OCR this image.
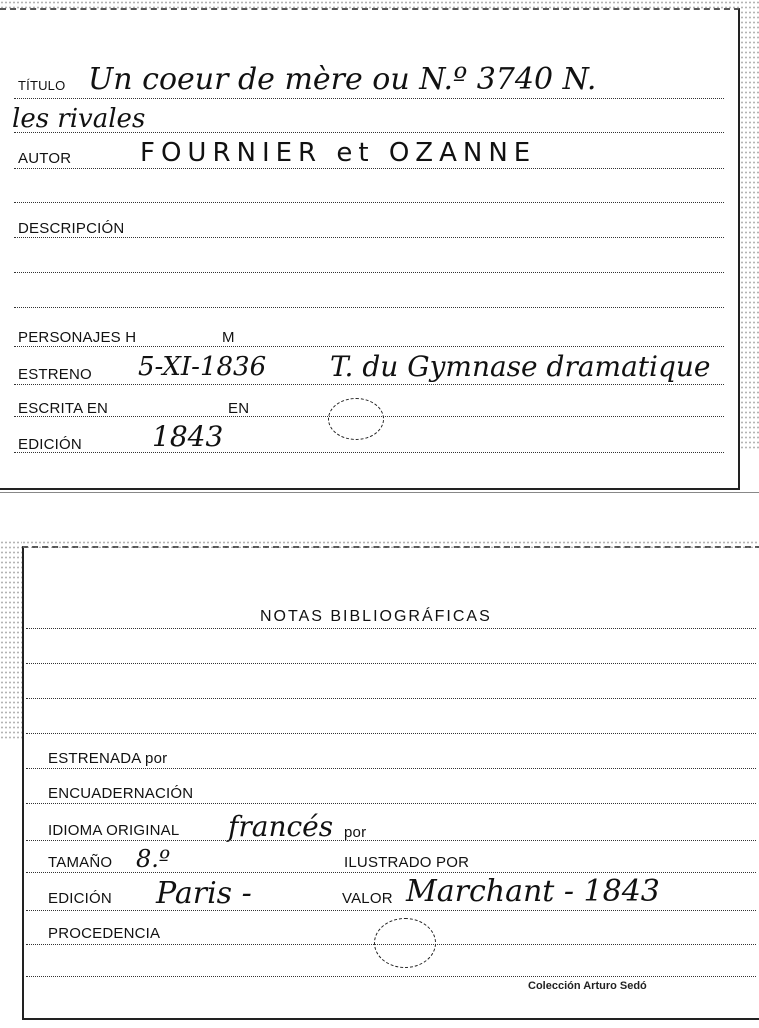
TÍTULO Un coeur de mère ou N.º 3740 N.
les rivales
AUTOR	FOURNIER et OZANNE
DESCRIPCIÓN
PERSONAJES H	M
ESTRENO 5-XI-1836 T. du Gymnase dramatique
ESCRITA EN	EN
EDICIÓN	1843
NOTAS BIBLIOGRÁFICAS
ESTRENADA por
ENCUADERNACIÓN
IDIOMA ORIGINAL francés por
TAMAÑO 8.º	ILUSTRADO POR
EDICIÓN Paris -	VALOR Marchant - 1843
PROCEDENCIA
Colección Arturo Sedó
